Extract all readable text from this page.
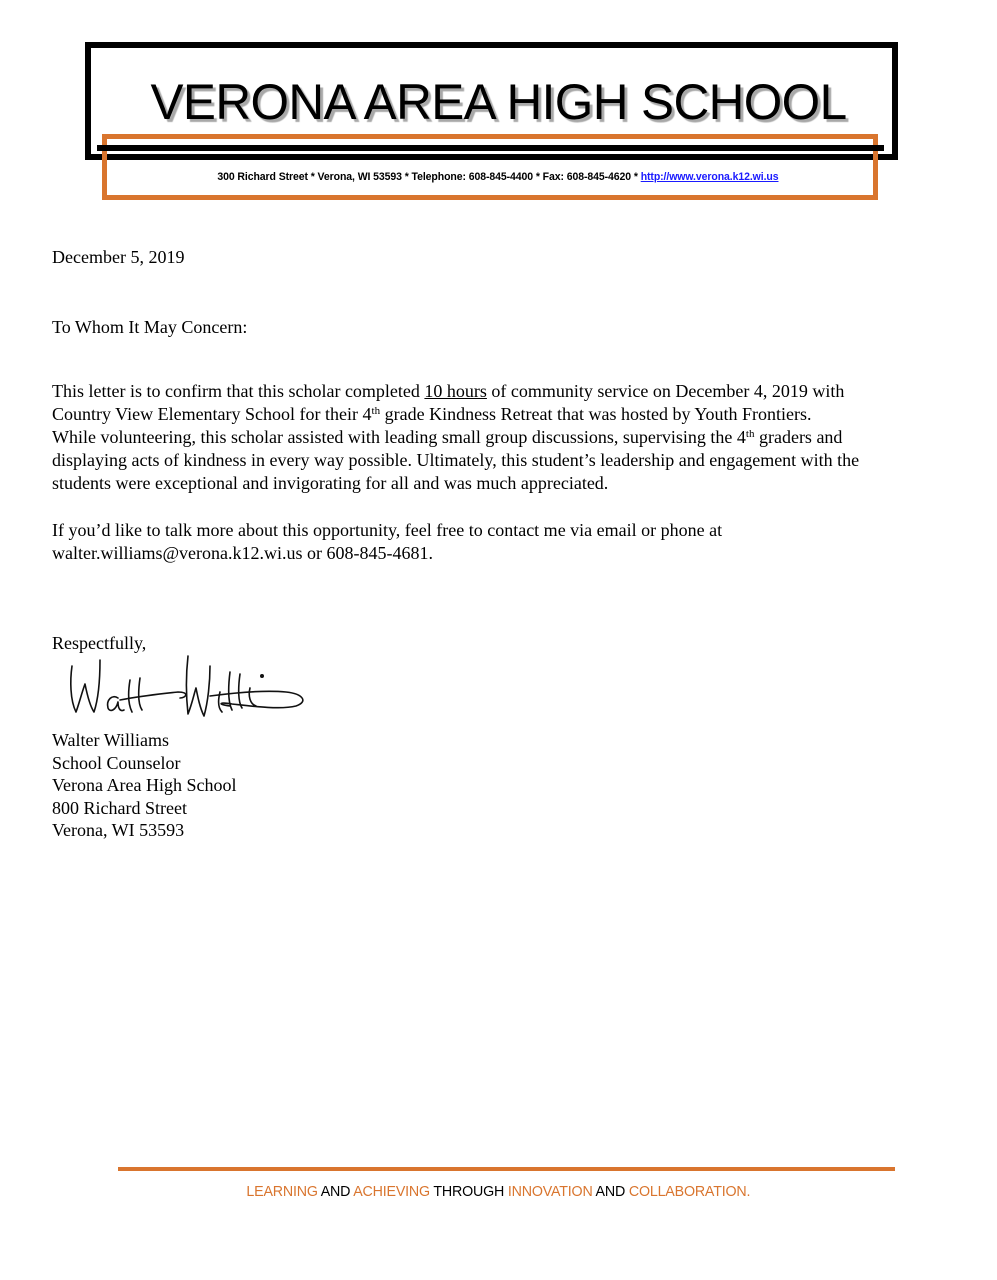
VERONA AREA HIGH SCHOOL
300 Richard Street * Verona, WI 53593 * Telephone: 608-845-4400 * Fax: 608-845-4620 * http://www.verona.k12.wi.us
December 5, 2019
To Whom It May Concern:
This letter is to confirm that this scholar completed 10 hours of community service on December 4, 2019 with
Country View Elementary School for their 4th grade Kindness Retreat that was hosted by Youth Frontiers.
While volunteering, this scholar assisted with leading small group discussions, supervising the 4th graders and
displaying acts of kindness in every way possible. Ultimately, this student’s leadership and engagement with the
students were exceptional and invigorating for all and was much appreciated.
If you’d like to talk more about this opportunity, feel free to contact me via email or phone at
walter.williams@verona.k12.wi.us or 608-845-4681.
Respectfully,
Walter Williams
School Counselor
Verona Area High School
800 Richard Street
Verona, WI 53593
LEARNING AND ACHIEVING THROUGH INNOVATION AND COLLABORATION.
